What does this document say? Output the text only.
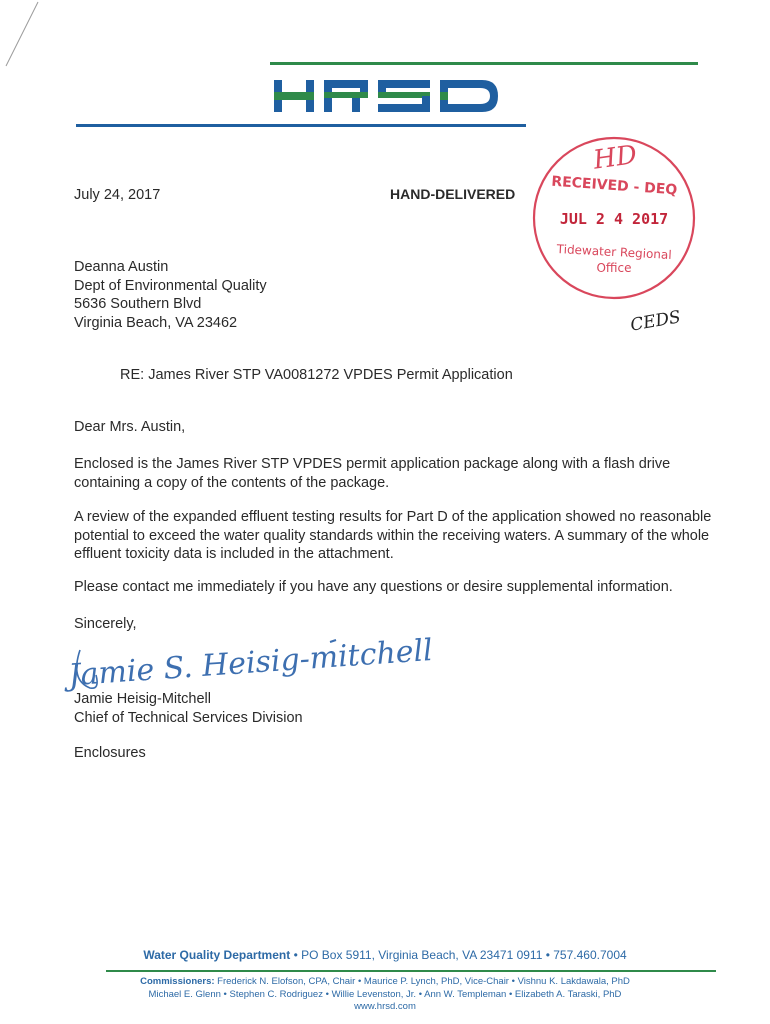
HRSD
July 24, 2017	HAND-DELIVERED
Deanna Austin
Dept of Environmental Quality
5636 Southern Blvd
Virginia Beach, VA 23462
RE: James River STP VA0081272 VPDES Permit Application
Dear Mrs. Austin,
Enclosed is the James River STP VPDES permit application package along with a flash drive containing a copy of the contents of the package.
A review of the expanded effluent testing results for Part D of the application showed no reasonable potential to exceed the water quality standards within the receiving waters. A summary of the whole effluent toxicity data is included in the attachment.
Please contact me immediately if you have any questions or desire supplemental information.
Sincerely,
Jamie S. Heisig-mitchell
Jamie Heisig-Mitchell
Chief of Technical Services Division
Enclosures
HD
RECEIVED - DEQ
JUL 2 4 2017
Tidewater Regional
Office
CEDS
Water Quality Department • PO Box 5911, Virginia Beach, VA 23471 0911 • 757.460.7004
Commissioners: Frederick N. Elofson, CPA, Chair • Maurice P. Lynch, PhD, Vice-Chair • Vishnu K. Lakdawala, PhD
Michael E. Glenn • Stephen C. Rodriguez • Willie Levenston, Jr. • Ann W. Templeman • Elizabeth A. Taraski, PhD
www.hrsd.com
